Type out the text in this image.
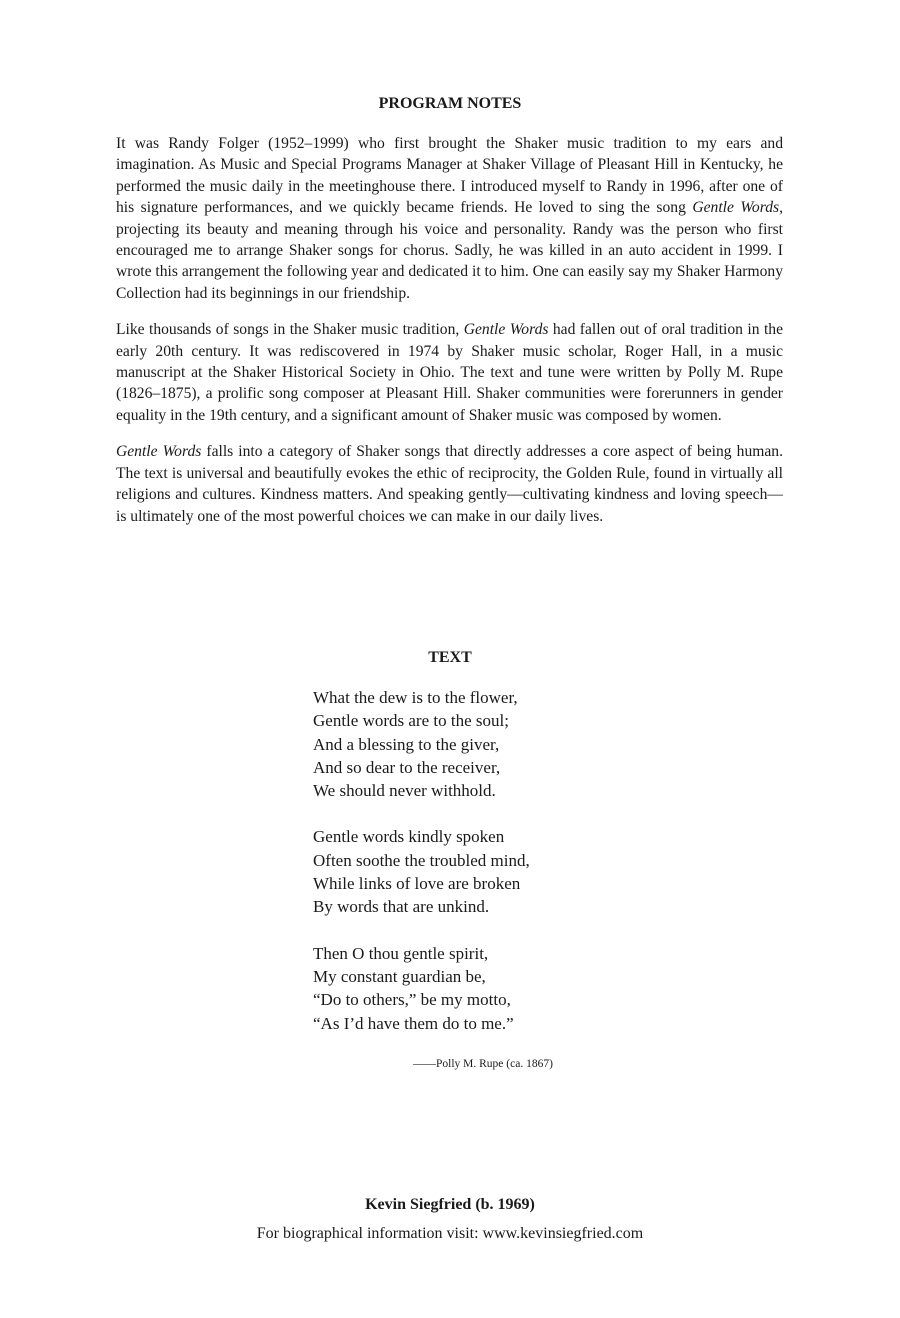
PROGRAM NOTES

It was Randy Folger (1952–1999) who first brought the Shaker music tradition to my ears and imagination. As Music and Special Programs Manager at Shaker Village of Pleasant Hill in Kentucky, he performed the music daily in the meetinghouse there. I introduced myself to Randy in 1996, after one of his signature performances, and we quickly became friends. He loved to sing the song Gentle Words, projecting its beauty and meaning through his voice and personality. Randy was the person who first encouraged me to arrange Shaker songs for chorus. Sadly, he was killed in an auto accident in 1999. I wrote this arrangement the following year and dedicated it to him. One can easily say my Shaker Harmony Collection had its beginnings in our friendship.

Like thousands of songs in the Shaker music tradition, Gentle Words had fallen out of oral tradition in the early 20th century. It was rediscovered in 1974 by Shaker music scholar, Roger Hall, in a music manuscript at the Shaker Historical Society in Ohio. The text and tune were written by Polly M. Rupe (1826–1875), a prolific song composer at Pleasant Hill. Shaker communities were forerunners in gender equality in the 19th century, and a significant amount of Shaker music was composed by women.

Gentle Words falls into a category of Shaker songs that directly addresses a core aspect of being human. The text is universal and beautifully evokes the ethic of reciprocity, the Golden Rule, found in virtually all religions and cultures. Kindness matters. And speaking gently—cultivating kindness and loving speech—is ultimately one of the most powerful choices we can make in our daily lives.

TEXT
What the dew is to the flower,
Gentle words are to the soul;
And a blessing to the giver,
And so dear to the receiver,
We should never withhold.
Gentle words kindly spoken
Often soothe the troubled mind,
While links of love are broken
By words that are unkind.
Then O thou gentle spirit,
My constant guardian be,
“Do to others,” be my motto,
“As I’d have them do to me.”
——Polly M. Rupe (ca. 1867)
Kevin Siegfried (b. 1969)
For biographical information visit: www.kevinsiegfried.com
